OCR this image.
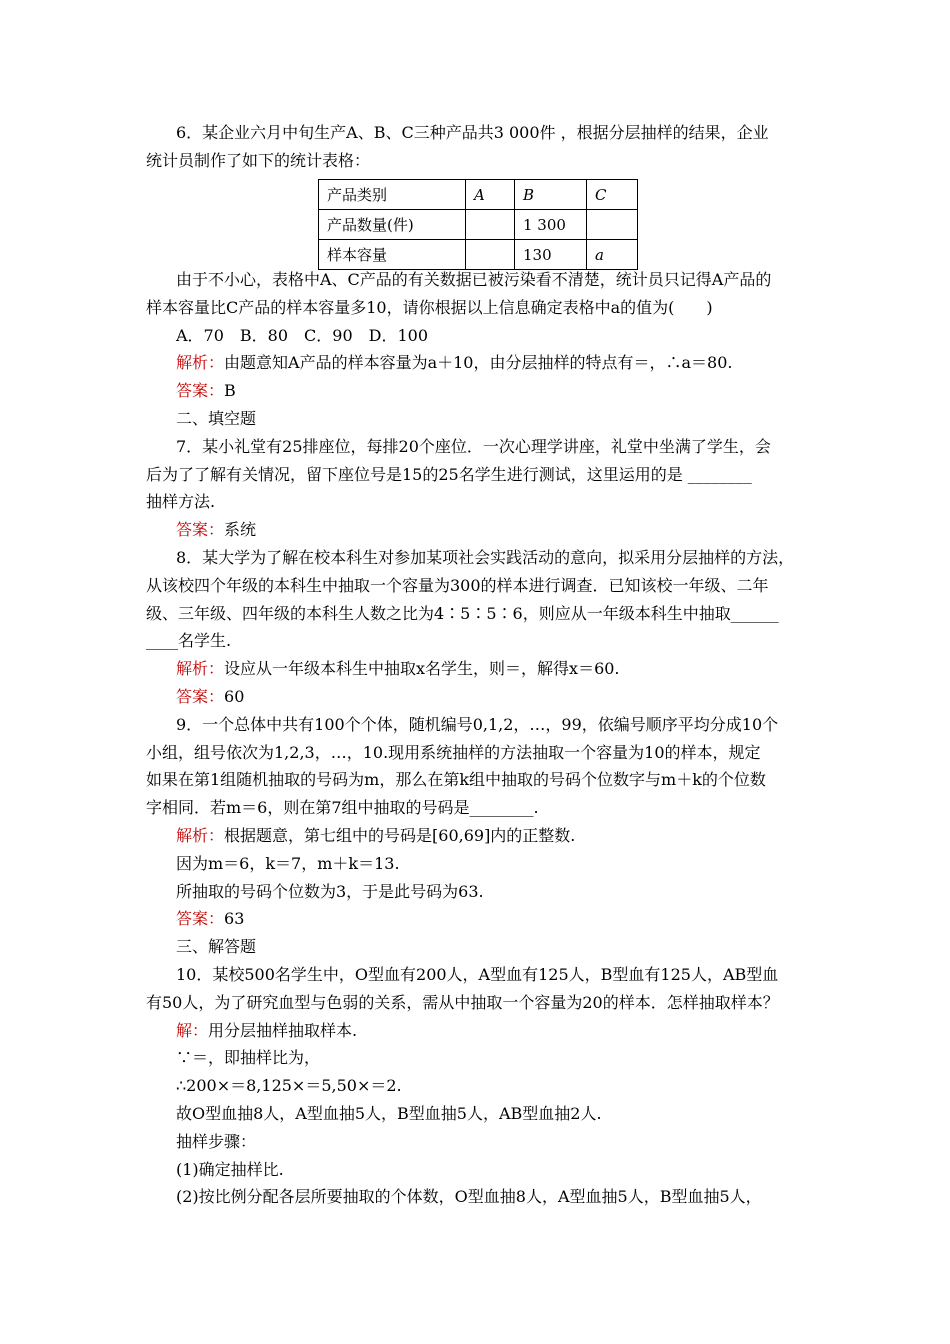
6．某企业六月中旬生产A、B、C三种产品共3 000件 ，根据分层抽样的结果，企业
统计员制作了如下的统计表格：
产品类别	A	B	C
产品数量(件)		1 300	
样本容量		130	a
由于不小心，表格中A、C产品的有关数据已被污染看不清楚，统计员只记得A产品的
样本容量比C产品的样本容量多10，请你根据以上信息确定表格中a的值为(　　)
A．70　B．80　C．90　D．100
解析：由题意知A产品的样本容量为a＋10，由分层抽样的特点有＝，∴a＝80.
答案：B
二、填空题
7．某小礼堂有25排座位，每排20个座位．一次心理学讲座，礼堂中坐满了学生，会
后为了了解有关情况，留下座位号是15的25名学生进行测试，这里运用的是 ________
抽样方法.
答案：系统
8．某大学为了解在校本科生对参加某项社会实践活动的意向，拟采用分层抽样的方法，
从该校四个年级的本科生中抽取一个容量为300的样本进行调查．已知该校一年级、二年
级、三年级、四年级的本科生人数之比为4∶5∶5∶6，则应从一年级本科生中抽取______
____名学生.
解析：设应从一年级本科生中抽取x名学生，则＝，解得x＝60.
答案：60
9．一个总体中共有100个个体，随机编号0,1,2，…，99，依编号顺序平均分成10个
小组，组号依次为1,2,3，…，10.现用系统抽样的方法抽取一个容量为10的样本，规定
如果在第1组随机抽取的号码为m，那么在第k组中抽取的号码个位数字与m＋k的个位数
字相同．若m＝6，则在第7组中抽取的号码是________.
解析：根据题意，第七组中的号码是[60,69]内的正整数.
因为m＝6，k＝7，m＋k＝13.
所抽取的号码个位数为3，于是此号码为63.
答案：63
三、解答题
10．某校500名学生中，O型血有200人，A型血有125人，B型血有125人，AB型血
有50人，为了研究血型与色弱的关系，需从中抽取一个容量为20的样本．怎样抽取样本？
解：用分层抽样抽取样本.
∵＝，即抽样比为，
∴200×＝8,125×＝5,50×＝2.
故O型血抽8人，A型血抽5人，B型血抽5人，AB型血抽2人.
抽样步骤：
(1)确定抽样比.
(2)按比例分配各层所要抽取的个体数，O型血抽8人，A型血抽5人，B型血抽5人，
